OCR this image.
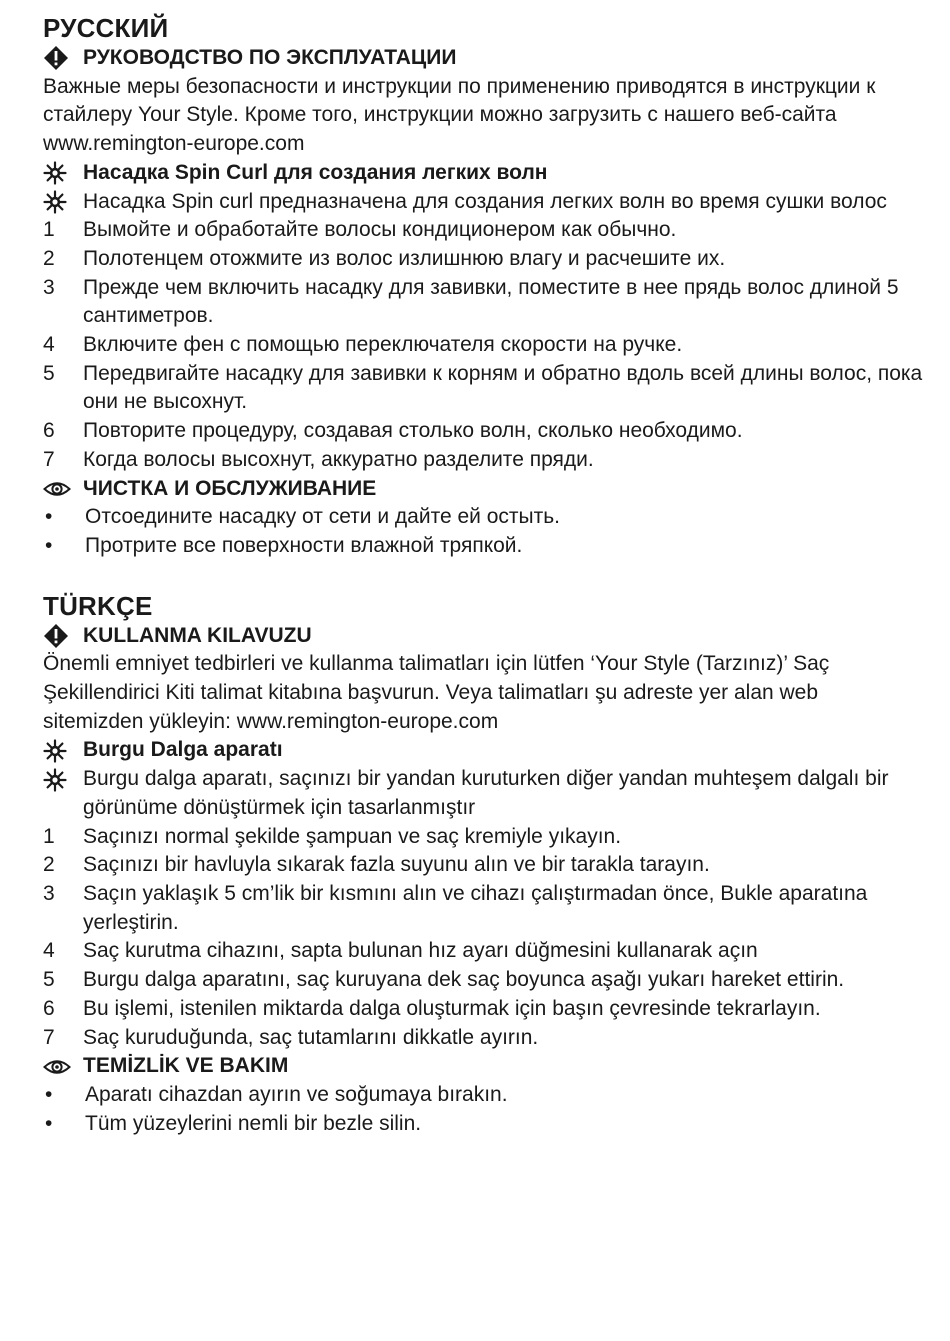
РУССКИЙ
РУКОВОДСТВО ПО ЭКСПЛУАТАЦИИ

Важные меры безопасности и инструкции по применению приводятся в инструкции к стайлеру Your Style. Кроме того, инструкции можно загрузить с нашего веб-сайта www.remington-europe.com

Насадка Spin Curl для создания легких волн
Насадка Spin curl предназначена для создания легких волн во время сушки волос
1	Вымойте и обработайте волосы кондиционером как обычно.
2	Полотенцем отожмите из волос излишнюю влагу и расчешите их.
3	Прежде чем включить насадку для завивки, поместите в нее прядь волос длиной 5 сантиметров.
4	Включите фен с помощью переключателя скорости на ручке.
5	Передвигайте насадку для завивки к корням и обратно вдоль всей длины волос, пока они не высохнут.
6	Повторите процедуру, создавая столько волн, сколько необходимо.
7	Когда волосы высохнут, аккуратно разделите пряди.
ЧИСТКА И ОБСЛУЖИВАНИЕ
•	Отсоедините насадку от сети и дайте ей остыть.
•	Протрите все поверхности влажной тряпкой.
TÜRKÇE
KULLANMA KILAVUZU

Önemli emniyet tedbirleri ve kullanma talimatları için lütfen ‘Your Style (Tarzınız)’ Saç Şekillendirici Kiti talimat kitabına başvurun. Veya talimatları şu adreste yer alan web sitemizden yükleyin: www.remington-europe.com

Burgu Dalga aparatı
Burgu dalga aparatı, saçınızı bir yandan kuruturken diğer yandan muhteşem dalgalı bir görünüme dönüştürmek için tasarlanmıştır
1	Saçınızı normal şekilde şampuan ve saç kremiyle yıkayın.
2	Saçınızı bir havluyla sıkarak fazla suyunu alın ve bir tarakla tarayın.
3	Saçın yaklaşık 5 cm’lik bir kısmını alın ve cihazı çalıştırmadan önce, Bukle aparatına yerleştirin.
4	Saç kurutma cihazını, sapta bulunan hız ayarı düğmesini kullanarak açın
5	Burgu dalga aparatını, saç kuruyana dek saç boyunca aşağı yukarı hareket ettirin.
6	Bu işlemi, istenilen miktarda dalga oluşturmak için başın çevresinde tekrarlayın.
7	Saç kuruduğunda, saç tutamlarını dikkatle ayırın.
TEMİZLİK VE BAKIM
•	Aparatı cihazdan ayırın ve soğumaya bırakın.
•	Tüm yüzeylerini nemli bir bezle silin.
